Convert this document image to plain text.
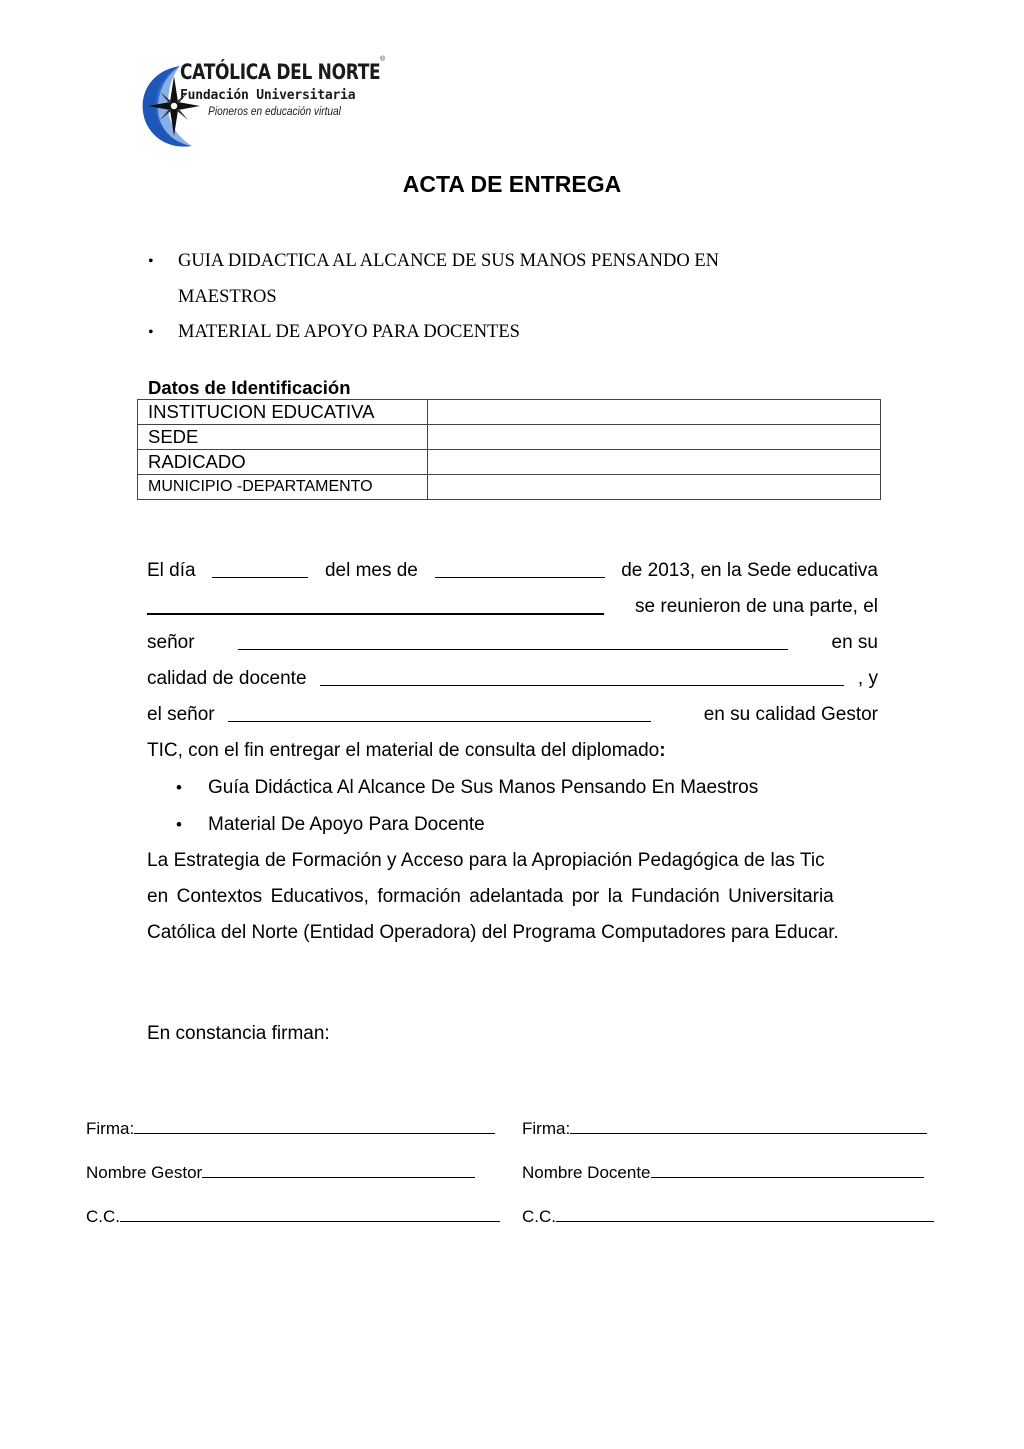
CATÓLICA DEL NORTE
®
Fundación Universitaria
Pioneros en educación virtual
ACTA DE ENTREGA
• GUIA DIDACTICA AL ALCANCE DE SUS MANOS PENSANDO EN
MAESTROS
• MATERIAL DE APOYO PARA DOCENTES
Datos de Identificación
INSTITUCION EDUCATIVA	
SEDE	
RADICADO	
MUNICIPIO -DEPARTAMENTO	
El día	del mes de	de 2013, en la Sede educativa
se reunieron de una parte, el
señor	en su
calidad de docente	, y
el señor	en su calidad Gestor
TIC, con el fin entregar el material de consulta del diplomado:
• Guía Didáctica Al Alcance De Sus Manos Pensando En Maestros
• Material De Apoyo Para Docente
La Estrategia de Formación y Acceso para la Apropiación Pedagógica de las Tic
en Contextos Educativos, formación adelantada por la Fundación Universitaria
Católica del Norte (Entidad Operadora) del Programa Computadores para Educar.
En constancia firman:
Firma:
Nombre Gestor
C.C.
Firma:
Nombre Docente
C.C.
